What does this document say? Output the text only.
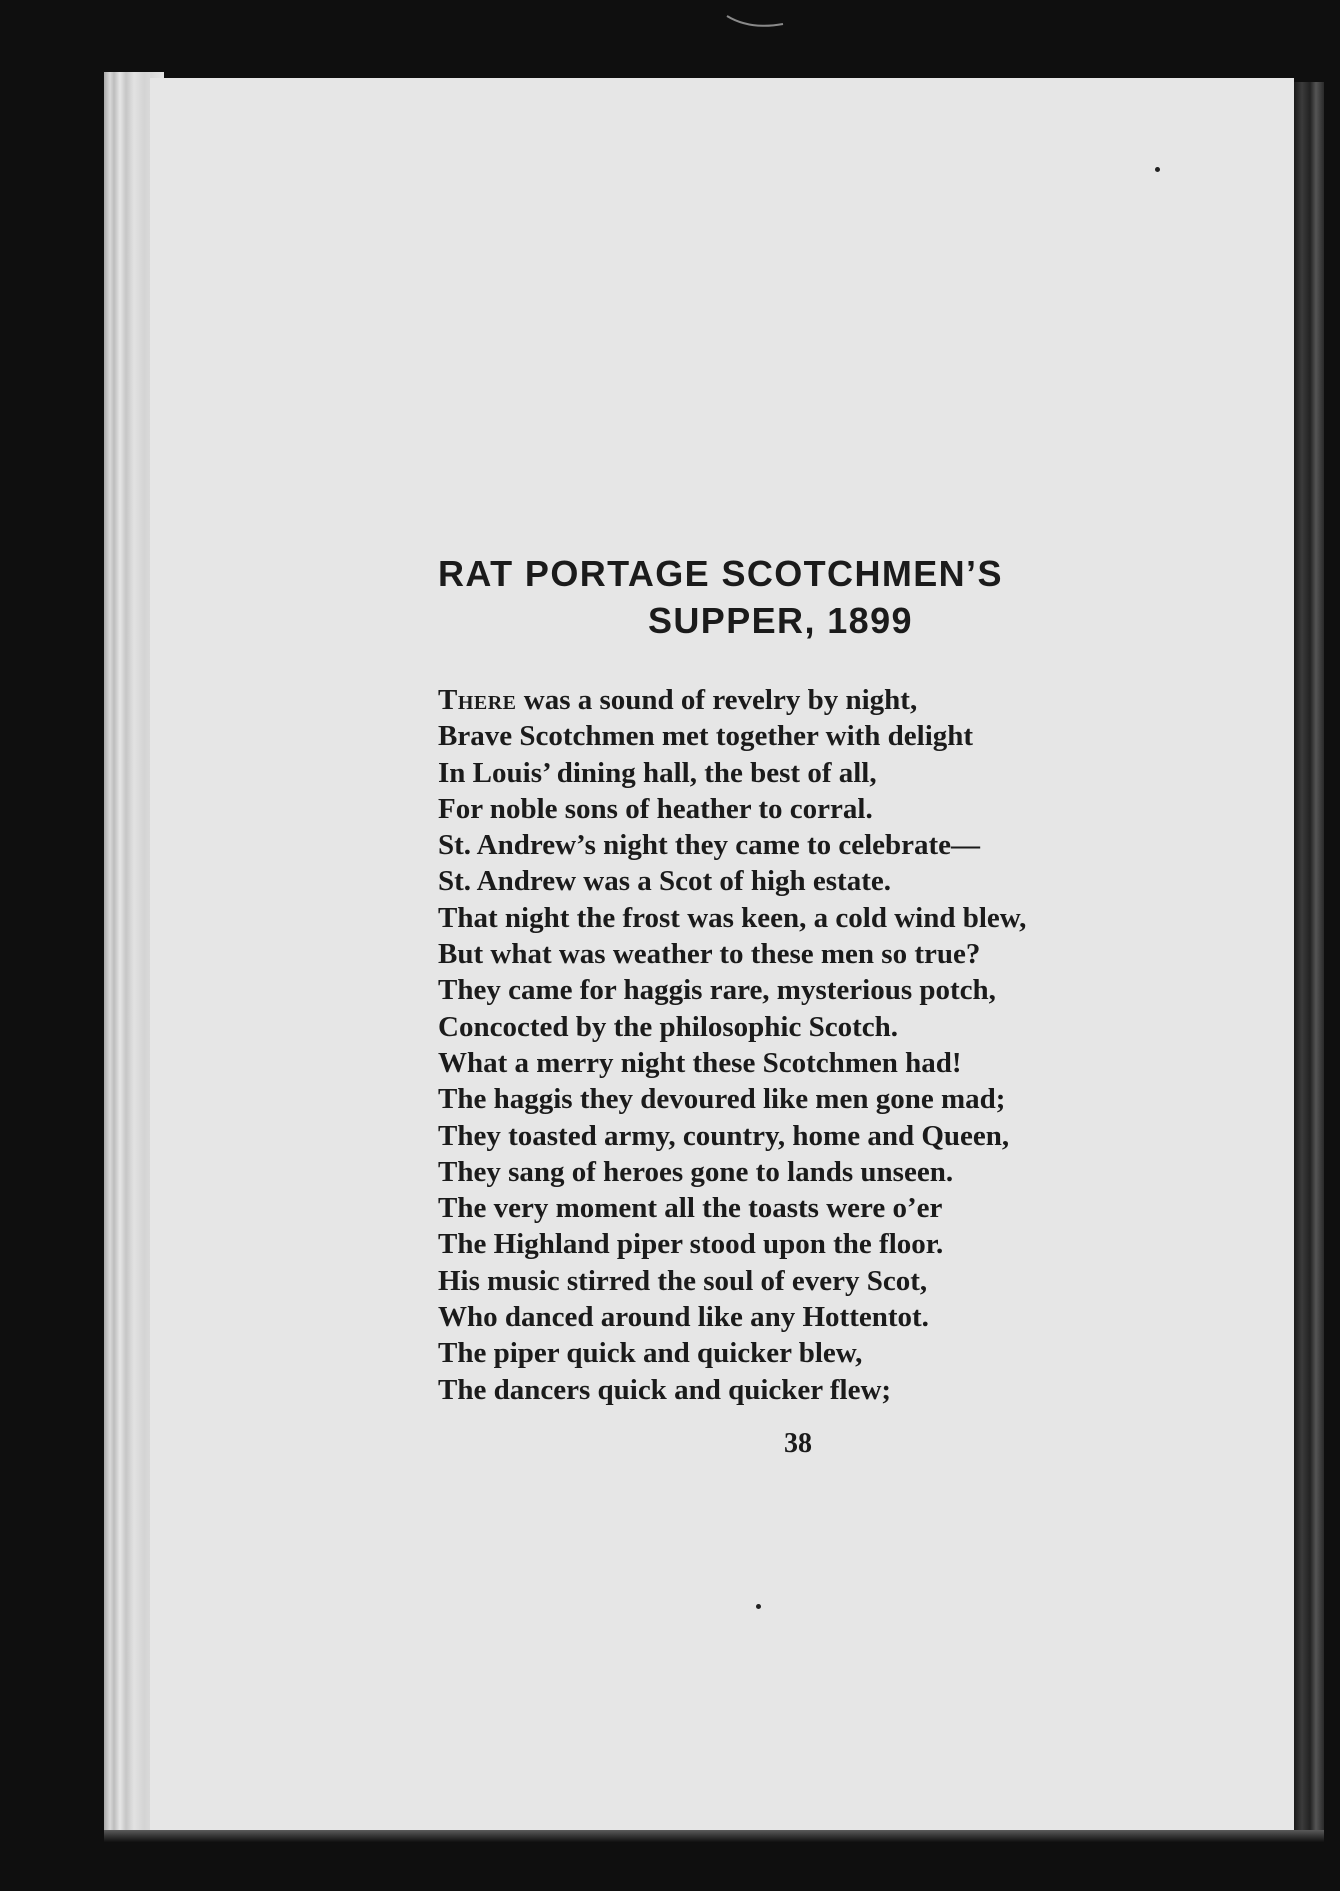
RAT PORTAGE SCOTCHMEN’S
SUPPER, 1899
There was a sound of revelry by night,
Brave Scotchmen met together with delight
In Louis’ dining hall, the best of all,
For noble sons of heather to corral.
St. Andrew’s night they came to celebrate—
St. Andrew was a Scot of high estate.
That night the frost was keen, a cold wind blew,
But what was weather to these men so true?
They came for haggis rare, mysterious potch,
Concocted by the philosophic Scotch.
What a merry night these Scotchmen had!
The haggis they devoured like men gone mad;
They toasted army, country, home and Queen,
They sang of heroes gone to lands unseen.
The very moment all the toasts were o’er
The Highland piper stood upon the floor.
His music stirred the soul of every Scot,
Who danced around like any Hottentot.
The piper quick and quicker blew,
The dancers quick and quicker flew;
38
